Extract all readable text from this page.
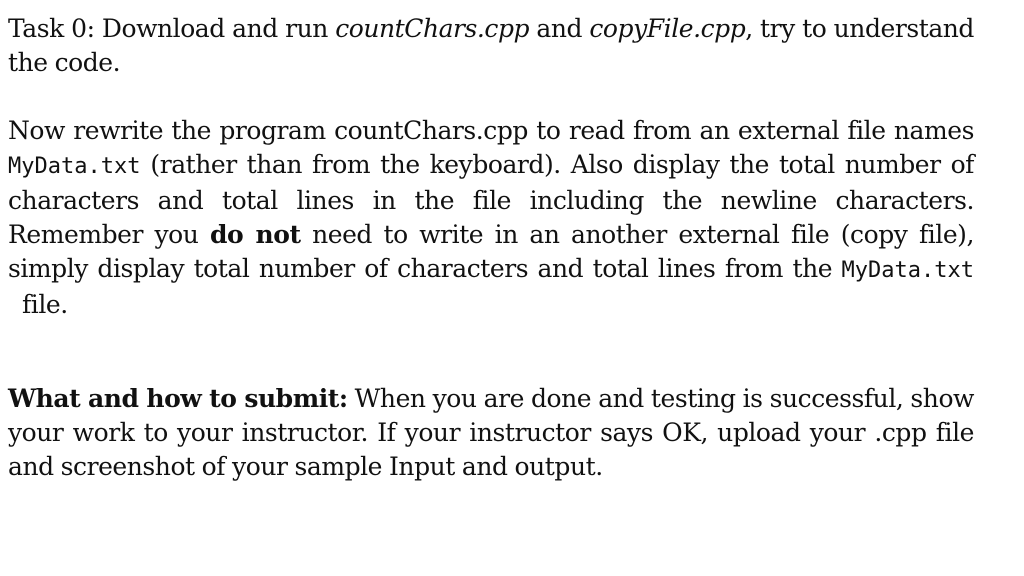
Task 0: Download and run countChars.cpp and copyFile.cpp, try to understand the code.

Now rewrite the program countChars.cpp to read from an external file names MyData.txt (rather than from the keyboard). Also display the total number of characters and total lines in the file including the newline characters. Remember you do not need to write in an another external file (copy file), simply display total number of characters and total lines from the MyData.txt  file.

What and how to submit: When you are done and testing is successful, show your work to your instructor. If your instructor says OK, upload your .cpp file and screenshot of your sample Input and output.
